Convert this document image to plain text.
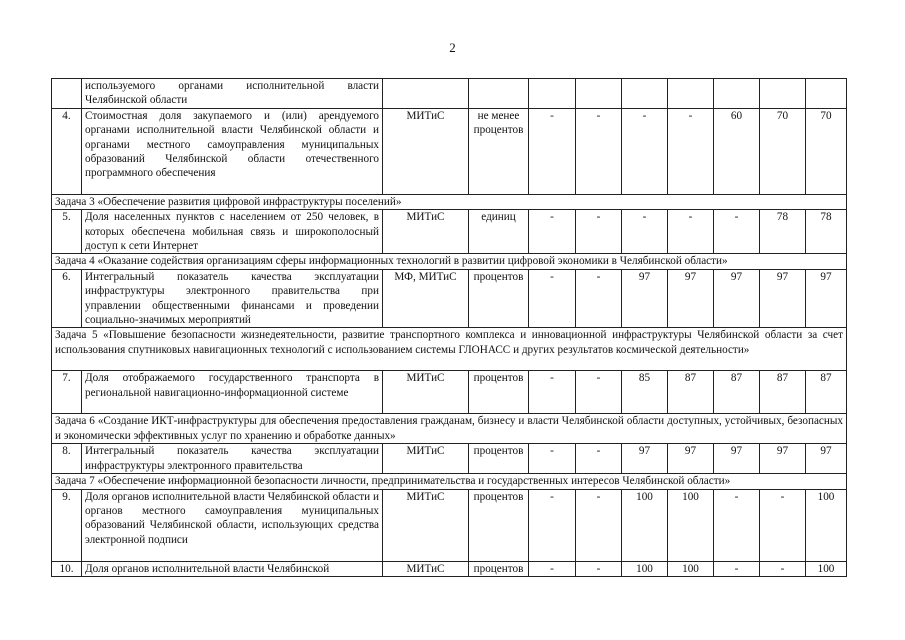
2
	используемого органами исполнительной власти Челябинской области									
4.	Стоимостная доля закупаемого и (или) арендуемого органами исполнительной власти Челябинской области и органами местного самоуправления муниципальных образований Челябинской области отечественного программного обеспечения	МИТиС	не менее процентов	-	-	-	-	60	70	70
Задача 3 «Обеспечение развития цифровой инфраструктуры поселений»										
5.	Доля населенных пунктов с населением от 250 человек, в которых обеспечена мобильная связь и широкополосный доступ к сети Интернет	МИТиС	единиц	-	-	-	-	-	78	78
Задача 4 «Оказание содействия организациям сферы информационных технологий в развитии цифровой экономики в Челябинской области»										
6.	Интегральный показатель качества эксплуатации инфраструктуры электронного правительства при управлении общественными финансами и проведении социально-значимых мероприятий	МФ, МИТиС	процентов	-	-	97	97	97	97	97
Задача 5 «Повышение безопасности жизнедеятельности, развитие транспортного комплекса и инновационной инфраструктуры Челябинской области за счет использования спутниковых навигационных технологий с использованием системы ГЛОНАСС и других результатов космической деятельности»										
7.	Доля отображаемого государственного транспорта в региональной навигационно-информационной системе	МИТиС	процентов	-	-	85	87	87	87	87
Задача 6 «Создание ИКТ-инфраструктуры для обеспечения предоставления гражданам, бизнесу и власти Челябинской области доступных, устойчивых, безопасных и экономически эффективных услуг по хранению и обработке данных»										
8.	Интегральный показатель качества эксплуатации инфраструктуры электронного правительства	МИТиС	процентов	-	-	97	97	97	97	97
Задача 7 «Обеспечение информационной безопасности личности, предпринимательства и государственных интересов Челябинской области»										
9.	Доля органов исполнительной власти Челябинской области и органов местного самоуправления муниципальных образований Челябинской области, использующих средства электронной подписи	МИТиС	процентов	-	-	100	100	-	-	100
10.	Доля органов исполнительной власти Челябинской	МИТиС	процентов	-	-	100	100	-	-	100
